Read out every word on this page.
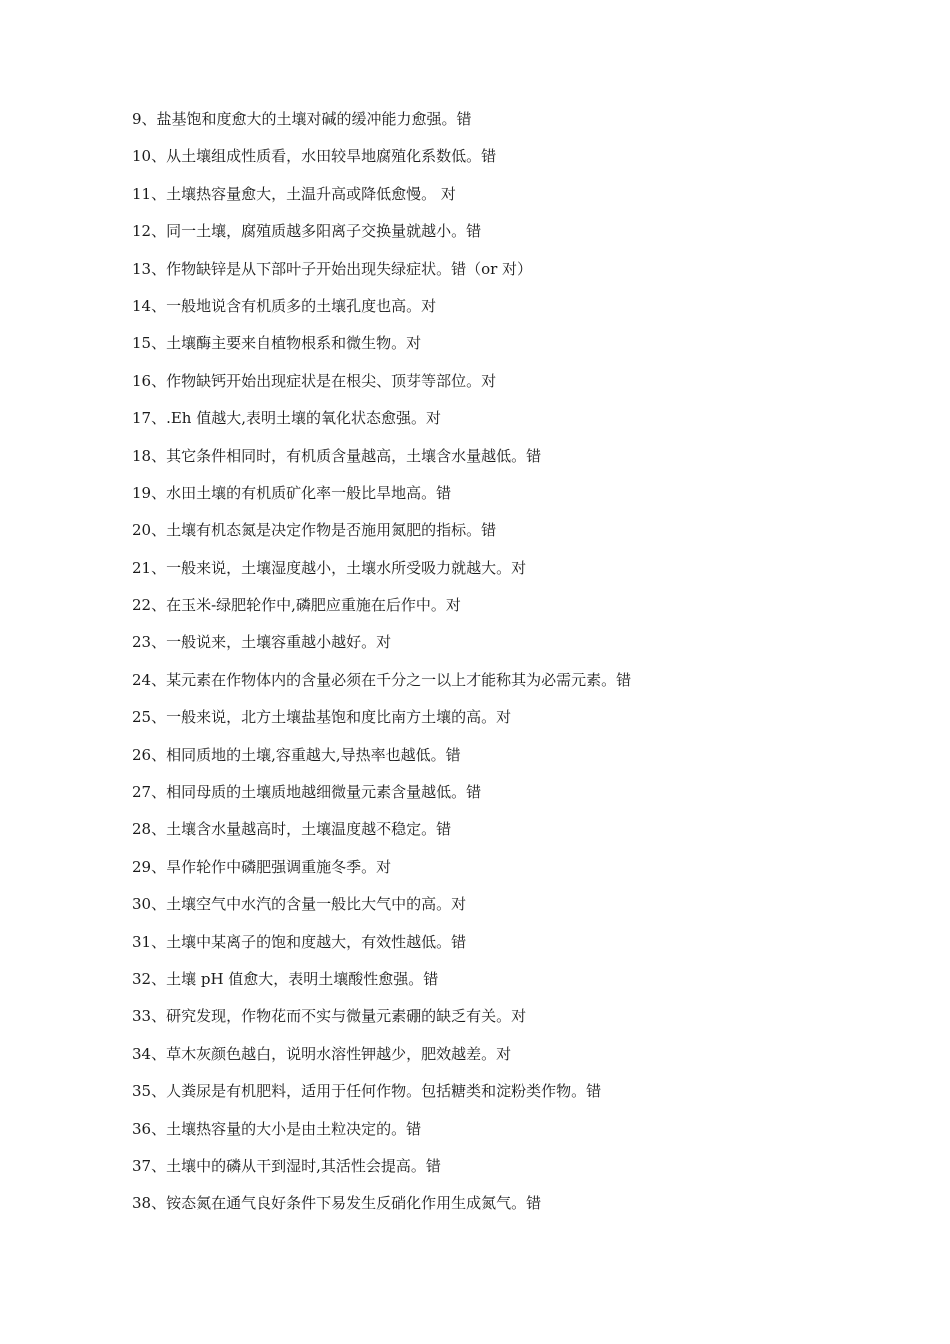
9、盐基饱和度愈大的土壤对碱的缓冲能力愈强。错
10、从土壤组成性质看，水田较旱地腐殖化系数低。错
11、土壤热容量愈大，土温升高或降低愈慢。 对
12、同一土壤，腐殖质越多阳离子交换量就越小。错
13、作物缺锌是从下部叶子开始出现失绿症状。错（or 对）
14、一般地说含有机质多的土壤孔度也高。对
15、土壤酶主要来自植物根系和微生物。对
16、作物缺钙开始出现症状是在根尖、顶芽等部位。对
17、.Eh 值越大,表明土壤的氧化状态愈强。对
18、其它条件相同时，有机质含量越高，土壤含水量越低。错
19、水田土壤的有机质矿化率一般比旱地高。错
20、土壤有机态氮是决定作物是否施用氮肥的指标。错
21、一般来说，土壤湿度越小，土壤水所受吸力就越大。对
22、在玉米-绿肥轮作中,磷肥应重施在后作中。对
23、一般说来，土壤容重越小越好。对
24、某元素在作物体内的含量必须在千分之一以上才能称其为必需元素。错
25、一般来说，北方土壤盐基饱和度比南方土壤的高。对
26、相同质地的土壤,容重越大,导热率也越低。错
27、相同母质的土壤质地越细微量元素含量越低。错
28、土壤含水量越高时，土壤温度越不稳定。错
29、旱作轮作中磷肥强调重施冬季。对
30、土壤空气中水汽的含量一般比大气中的高。对
31、土壤中某离子的饱和度越大，有效性越低。错
32、土壤 pH 值愈大，表明土壤酸性愈强。错
33、研究发现，作物花而不实与微量元素硼的缺乏有关。对
34、草木灰颜色越白，说明水溶性钾越少，肥效越差。对
35、人粪尿是有机肥料，适用于任何作物。包括糖类和淀粉类作物。错
36、土壤热容量的大小是由土粒决定的。错
37、土壤中的磷从干到湿时,其活性会提高。错
38、铵态氮在通气良好条件下易发生反硝化作用生成氮气。错
